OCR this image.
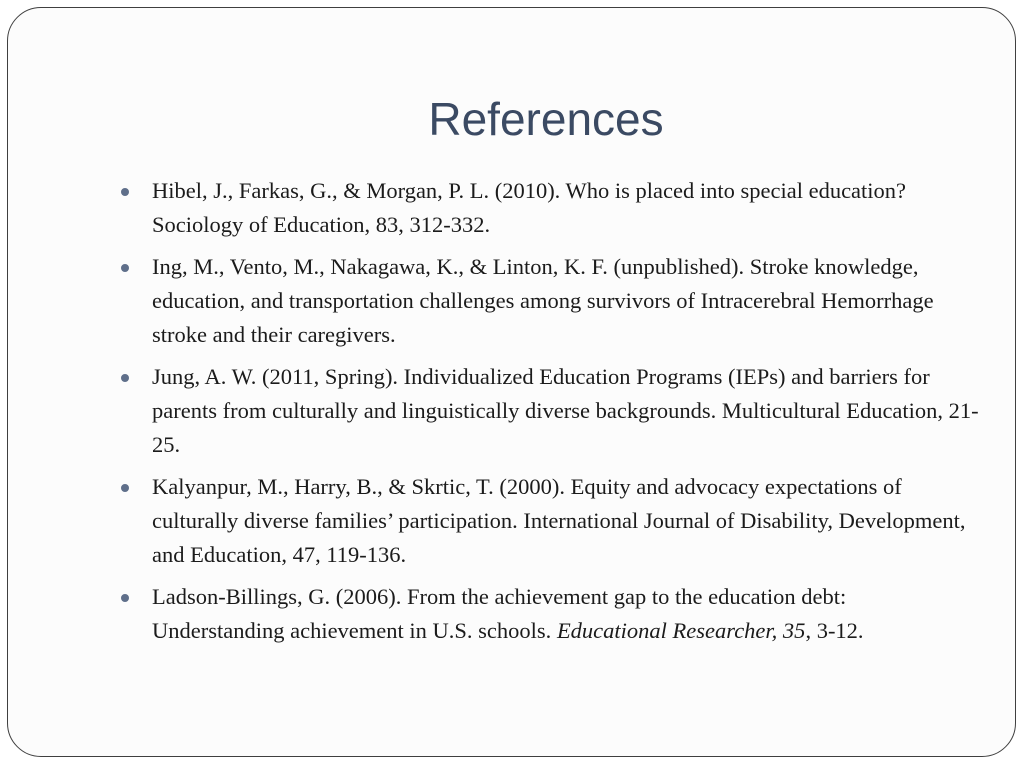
References
Hibel, J., Farkas, G., & Morgan, P. L. (2010). Who is placed into special education? Sociology of Education, 83, 312-332.
Ing, M., Vento, M., Nakagawa, K., & Linton, K. F. (unpublished). Stroke knowledge, education, and transportation challenges among survivors of Intracerebral Hemorrhage stroke and their caregivers.
Jung, A. W. (2011, Spring). Individualized Education Programs (IEPs) and barriers for parents from culturally and linguistically diverse backgrounds. Multicultural Education, 21-25.
Kalyanpur, M., Harry, B., & Skrtic, T. (2000). Equity and advocacy expectations of culturally diverse families’ participation. International Journal of Disability, Development, and Education, 47, 119-136.
Ladson-Billings, G. (2006). From the achievement gap to the education debt: Understanding achievement in U.S. schools. Educational Researcher, 35, 3-12.
